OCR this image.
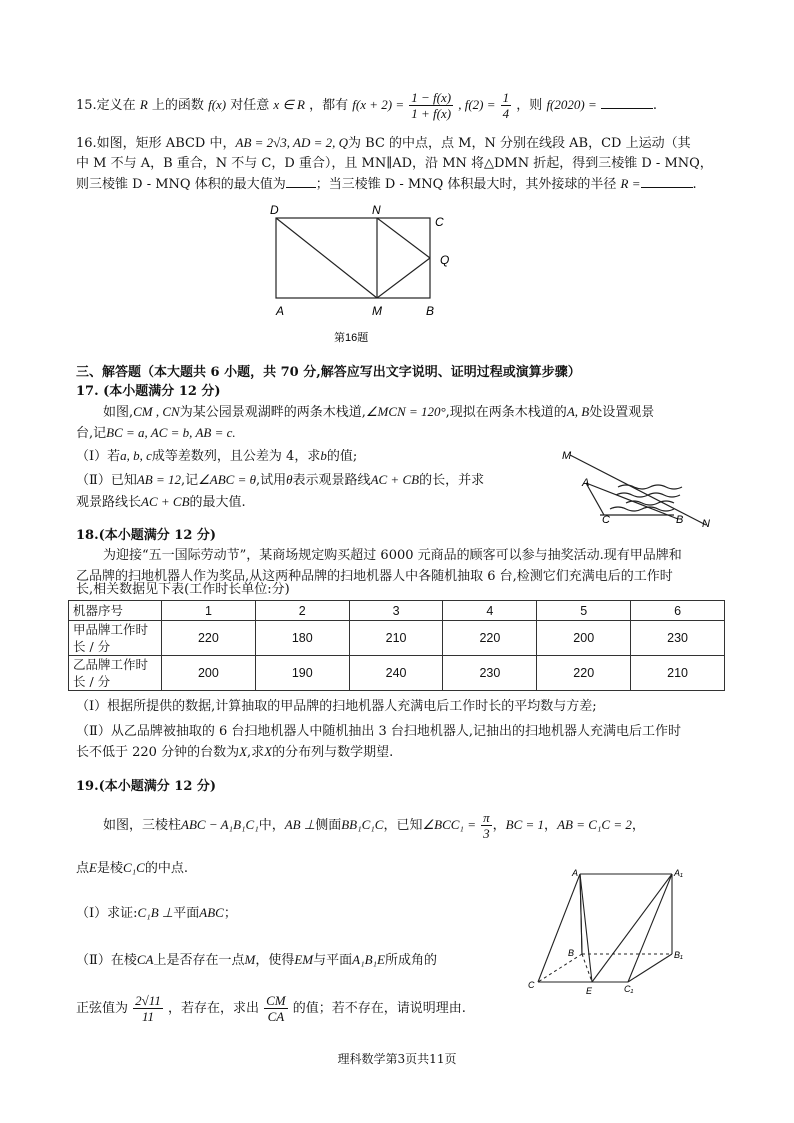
15.定义在 R 上的函数 f(x) 对任意 x ∈ R ，都有 $f(x + 2) = \frac{1 - f(x)}{1 + f(x)}$ , $f(2) = \frac{1}{4}$ ，则 f(2020) =	.
16.如图，矩形 ABCD 中，AB = 2√3, AD = 2, Q为 BC 的中点，点 M，N 分别在线段 AB，CD 上运动（其
中 M 不与 A，B 重合，N 不与 C，D 重合），且 MN∥AD，沿 MN 将△DMN 折起，得到三棱锥 D - MNQ，
则三棱锥 D - MNQ 体积的最大值为 ；当三棱锥 D - MNQ 体积最大时，其外接球的半径 R =	.
D	N
C
Q
A	M	B
第16题
三、解答题（本大题共 6 小题，共 70 分,解答应写出文字说明、证明过程或演算步骤）
17. (本小题满分 12 分)
如图,CM , CN为某公园景观湖畔的两条木栈道,∠MCN = 120°,现拟在两条木栈道的A, B处设置观景
台,记BC = a, AC = b, AB = c.
（Ⅰ）若a, b, c成等差数列，且公差为 4，求b的值;
（Ⅱ）已知AB = 12,记∠ABC = θ,试用θ表示观景路线AC + CB的长，并求
观景路线长AC + CB的最大值.
M
A
C	B N
18.(本小题满分 12 分)
为迎接“五一国际劳动节”，某商场规定购买超过 6000 元商品的顾客可以参与抽奖活动.现有甲品牌和
乙品牌的扫地机器人作为奖品,从这两种品牌的扫地机器人中各随机抽取 6 台,检测它们充满电后的工作时
长,相关数据见下表(工作时长单位:分)
机器序号	1	2	3	4	5	6
甲品牌工作时长 / 分	220	180	210	220	200	230
乙品牌工作时长 / 分	200	190	240	230	220	210
（Ⅰ）根据所提供的数据,计算抽取的甲品牌的扫地机器人充满电后工作时长的平均数与方差;
（Ⅱ）从乙品牌被抽取的 6 台扫地机器人中随机抽出 3 台扫地机器人,记抽出的扫地机器人充满电后工作时
长不低于 220 分钟的台数为X,求X的分布列与数学期望.
19.(本小题满分 12 分)
如图，三棱柱ABC − A₁B₁C₁中，AB ⊥侧面BB₁C₁C，已知∠BCC₁ = $\frac{\pi}{3}$ ，BC = 1，AB = C₁C = 2，
点E是棱C₁C的中点.
（Ⅰ）求证:C₁B ⊥平面ABC；
（Ⅱ）在棱CA上是否存在一点M，使得EM与平面A₁B₁E所成角的
正弦值为 $\frac{2√11}{11}$ ，若存在，求出 $\frac{CM}{CA}$ 的值；若不存在，请说明理由.
A	A₁
B	B₁
C
E	C₁
理科数学第3页共11页
